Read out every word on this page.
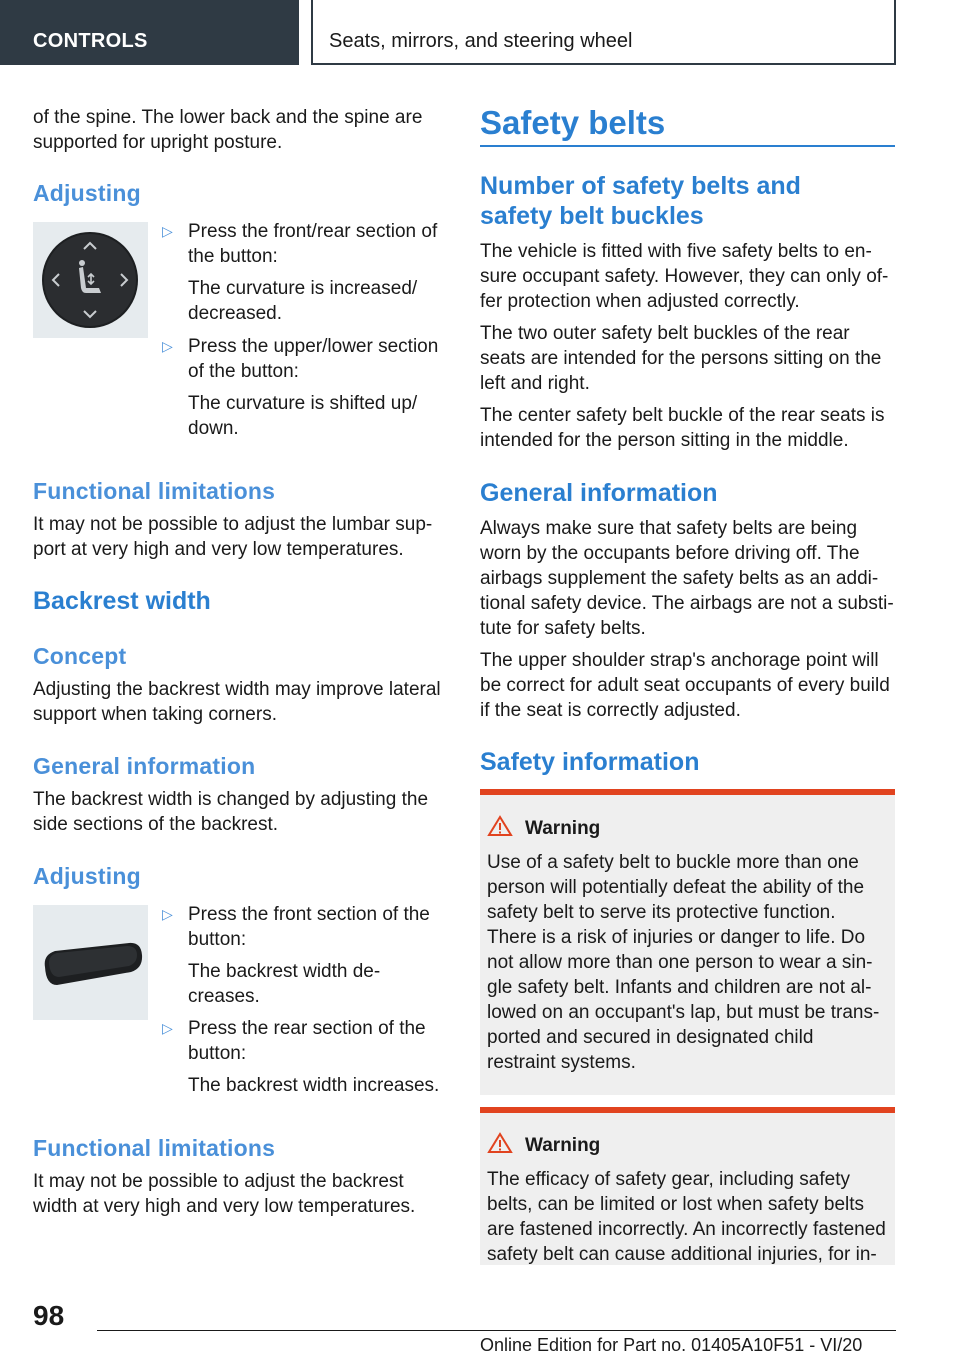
CONTROLS	Seats, mirrors, and steering wheel
of the spine. The lower back and the spine are
supported for upright posture.
Adjusting
▷ Press the front/rear section of
the button:
The curvature is increased/
decreased.
▷ Press the upper/lower section
of the button:
The curvature is shifted up/
down.
Functional limitations
It may not be possible to adjust the lumbar sup‐
port at very high and very low temperatures.
Backrest width
Concept
Adjusting the backrest width may improve lateral
support when taking corners.
General information
The backrest width is changed by adjusting the
side sections of the backrest.
Adjusting
▷ Press the front section of the
button:
The backrest width de‐
creases.
▷ Press the rear section of the
button:
The backrest width increases.
Functional limitations
It may not be possible to adjust the backrest
width at very high and very low temperatures.
Safety belts
Number of safety belts and
safety belt buckles
The vehicle is fitted with five safety belts to en‐
sure occupant safety. However, they can only of‐
fer protection when adjusted correctly.
The two outer safety belt buckles of the rear
seats are intended for the persons sitting on the
left and right.
The center safety belt buckle of the rear seats is
intended for the person sitting in the middle.
General information
Always make sure that safety belts are being
worn by the occupants before driving off. The
airbags supplement the safety belts as an addi‐
tional safety device. The airbags are not a substi‐
tute for safety belts.
The upper shoulder strap's anchorage point will
be correct for adult seat occupants of every build
if the seat is correctly adjusted.
Safety information
Warning
Use of a safety belt to buckle more than one
person will potentially defeat the ability of the
safety belt to serve its protective function.
There is a risk of injuries or danger to life. Do
not allow more than one person to wear a sin‐
gle safety belt. Infants and children are not al‐
lowed on an occupant's lap, but must be trans‐
ported and secured in designated child
restraint systems.
Warning
The efficacy of safety gear, including safety
belts, can be limited or lost when safety belts
are fastened incorrectly. An incorrectly fastened
safety belt can cause additional injuries, for in‐
98
Online Edition for Part no. 01405A10F51 - VI/20
